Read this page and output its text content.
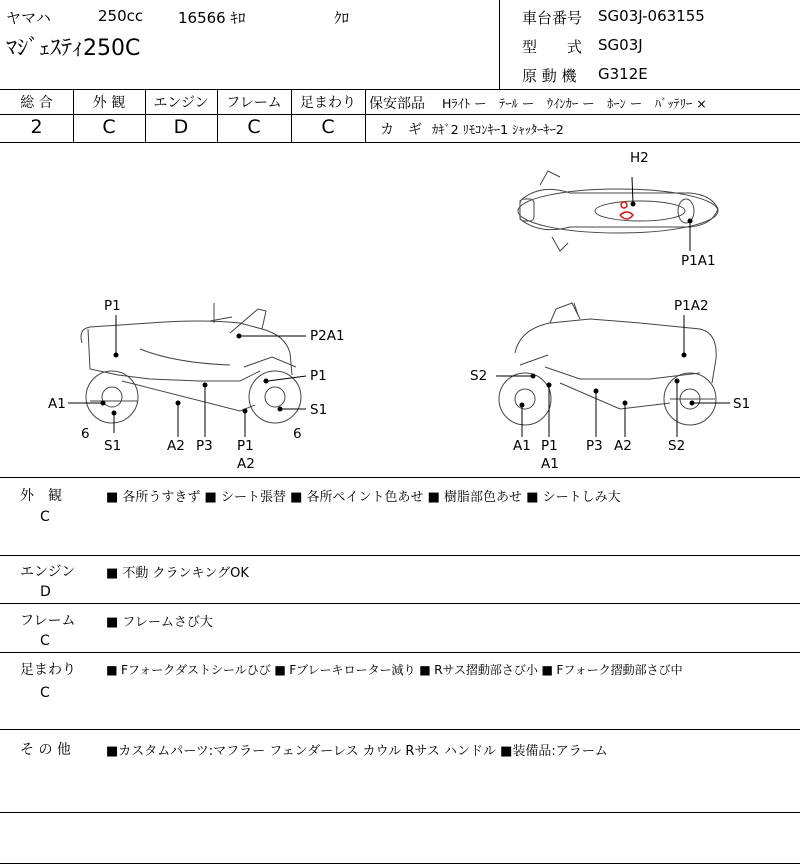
ヤマハ	250cc 16566 ｷﾛ	ｸﾛ
ﾏｼﾞｪｽﾃｨ250C
車台番号 SG03J-063155
型　　式 SG03J
原 動 機 G312E
総 合	外 観	エンジン	フレーム	足まわり
2	C	D	C	C
保安部品 Hﾗｲﾄ ー　ﾃｰﾙ ー　ｳｲﾝｶｰ ー　ﾎｰﾝ ー　ﾊﾞｯﾃﾘｰ ×
カ　ギ ｶｷﾞ2 ﾘﾓｺﾝｷｰ1 ｼｬｯﾀｰｷｰ2
H2
P1A1
P1
P2A1
P1
S1
A1
6
S1	A2 P3 P1
A2
6
P1A2
S2
S1
A1 P1
A1
P3 A2	S2
外　観
C
■ 各所うすきず ■ シート張替 ■ 各所ペイント色あせ ■ 樹脂部色あせ ■ シートしみ大
エンジン
D
■ 不動 クランキングOK
フレーム
C
■ フレームさび大
足まわり
C
■ Fフォークダストシールひび ■ Fブレーキローター減り ■ Rサス摺動部さび小 ■ Fフォーク摺動部さび中
そ の 他	■カスタムパーツ:マフラー フェンダーレス カウル Rサス ハンドル ■装備品:アラーム
